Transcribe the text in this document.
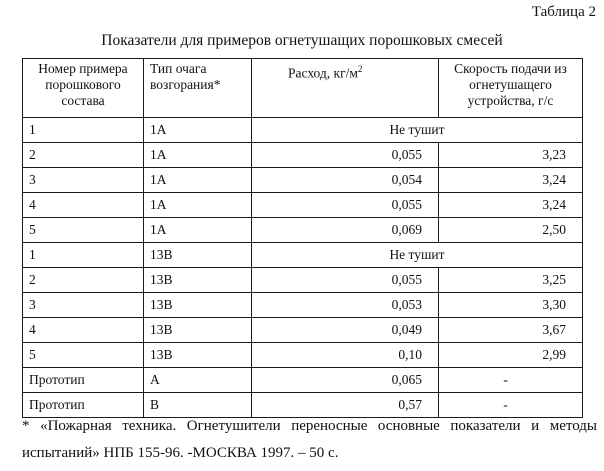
Таблица 2
Показатели для примеров огнетушащих порошковых смесей
Номер примера порошкового состава	Тип очага возгорания*	Расход, $кг/м^2$	Скорость подачи из огнетушащего устройства, г/с
1	1А	Не тушит	
2	1А	0,055	3,23
3	1А	0,054	3,24
4	1А	0,055	3,24
5	1А	0,069	2,50
1	13В	Не тушит	
2	13В	0,055	3,25
3	13В	0,053	3,30
4	13В	0,049	3,67
5	13В	0,10	2,99
Прототип	А	0,065	-
Прототип	В	0,57	-
* «Пожарная техника. Огнетушители переносные основные показатели и методы испытаний» НПБ 155-96. -МОСКВА 1997. – 50 с.
